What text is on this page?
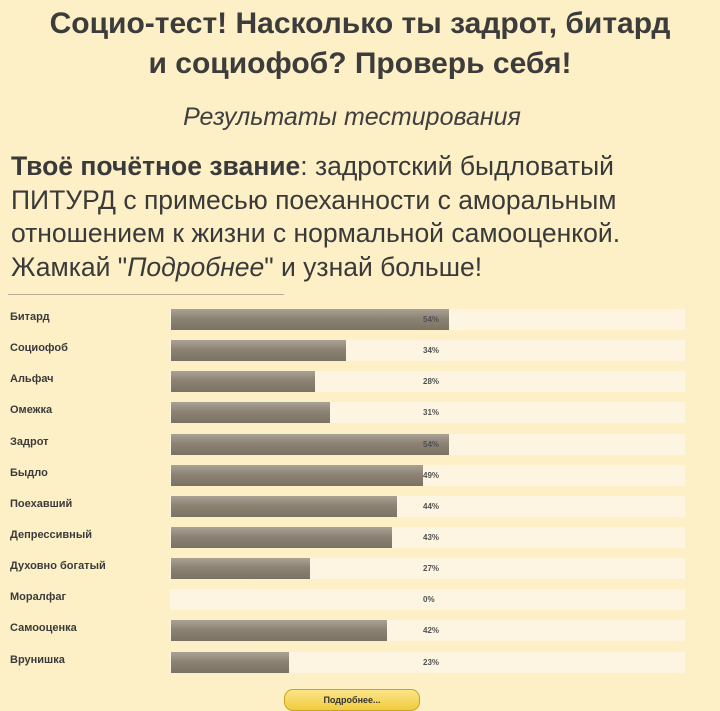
Социо-тест! Насколько ты задрот, битард
и социофоб? Проверь себя!
Результаты тестирования
Твоё почётное звание: задротский быдловатый ПИТУРД с примесью поеханности с аморальным отношением к жизни с нормальной самооценкой. Жамкай "Подробнее" и узнай больше!
Битард	54%
Социофоб	34%
Альфач	28%
Омежка	31%
Задрот	54%
Быдло	49%
Поехавший	44%
Депрессивный	43%
Духовно богатый	27%
Моралфаг	0%
Самооценка	42%
Врунишка	23%
Подробнее...
